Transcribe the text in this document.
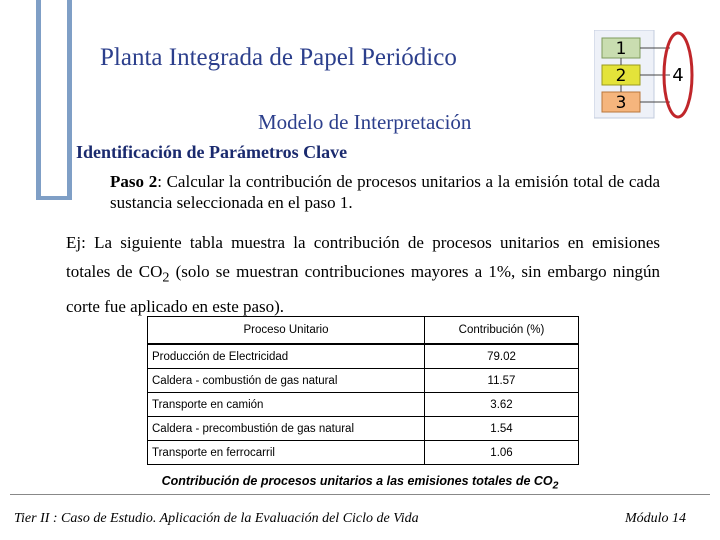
Planta Integrada de Papel Periódico
Modelo de Interpretación
1
2
3
4
Identificación de Parámetros Clave
Paso 2: Calcular la contribución de procesos unitarios a la emisión total de cada sustancia seleccionada en el paso 1.
Ej: La siguiente tabla muestra la contribución de procesos unitarios en emisiones totales de $CO_2$ (solo se muestran contribuciones mayores a 1%, sin embargo ningún corte fue aplicado en este paso).
Proceso Unitario	Contribución (%)
Producción de Electricidad	79.02
Caldera - combustión de gas natural	11.57
Transporte en camión	3.62
Caldera - precombustión de gas natural	1.54
Transporte en ferrocarril	1.06
Contribución de procesos unitarios a las emisiones totales de $CO_2$
Tier II : Caso de Estudio. Aplicación de la Evaluación del Ciclo de Vida	Módulo 14
